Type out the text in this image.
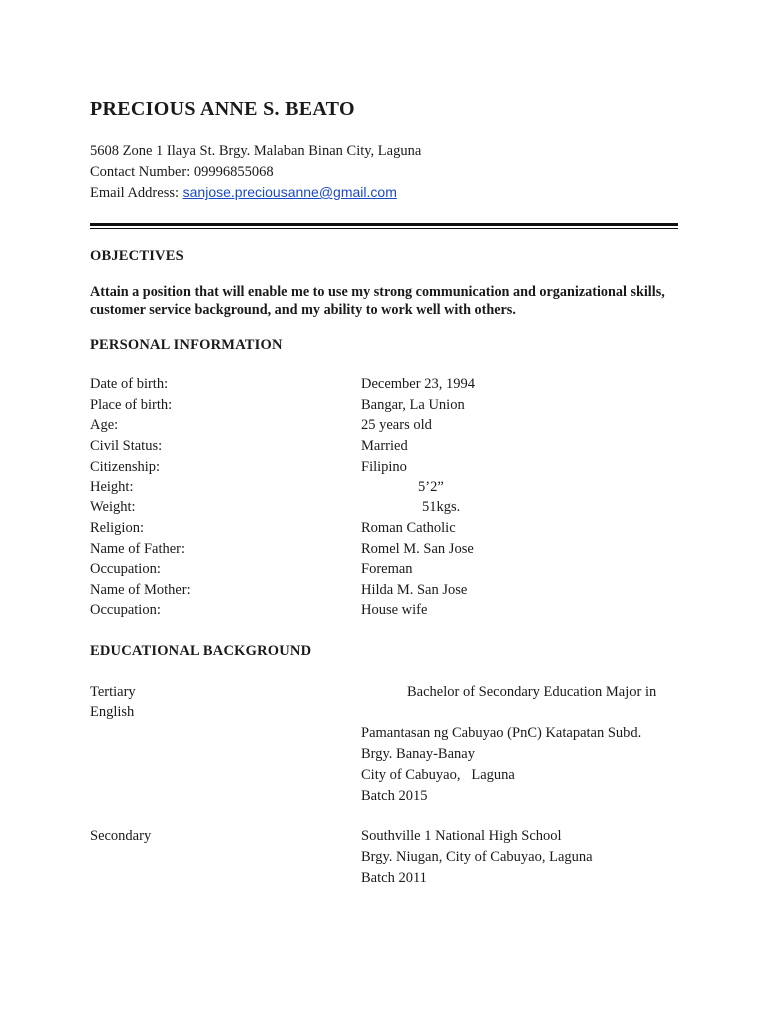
PRECIOUS ANNE S. BEATO
5608 Zone 1 Ilaya St. Brgy. Malaban Binan City, Laguna
Contact Number: 09996855068
Email Address: sanjose.preciousanne@gmail.com
OBJECTIVES
Attain a position that will enable me to use my strong communication and organizational skills, customer service background, and my ability to work well with others.
PERSONAL INFORMATION
Date of birth:	December 23, 1994
Place of birth:	Bangar, La Union
Age:	25 years old
Civil Status:	Married
Citizenship:	Filipino
Height:	5’2”
Weight:	51kgs.
Religion:	Roman Catholic
Name of Father:	Romel M. San Jose
Occupation:	Foreman
Name of Mother:	Hilda M. San Jose
Occupation:	House wife
EDUCATIONAL BACKGROUND
Tertiary	Bachelor of Secondary Education Major in
English
Pamantasan ng Cabuyao (PnC) Katapatan Subd.
Brgy. Banay-Banay
City of Cabuyao,   Laguna
Batch 2015
Secondary	Southville 1 National High School
Brgy. Niugan, City of Cabuyao, Laguna
Batch 2011
